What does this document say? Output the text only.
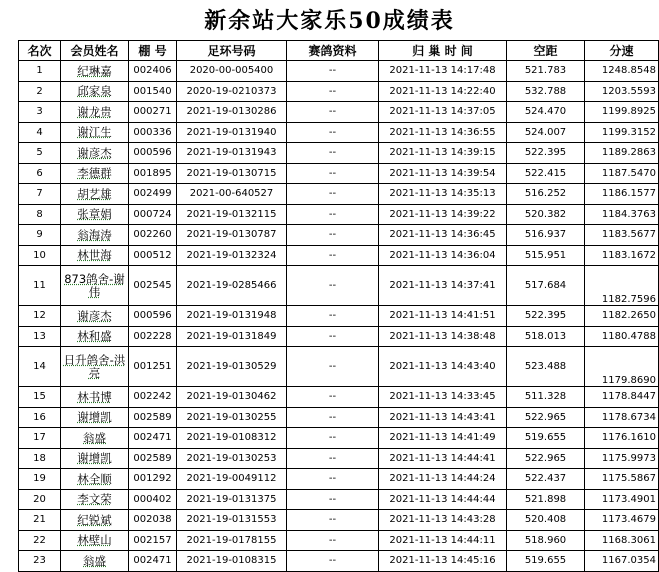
新余站大家乐50成绩表
名次	会员姓名	棚 号	足环号码	赛鸽资料	归 巢 时 间	空距	分速
1	纪琳嘉	002406	2020-00-005400	--	2021-11-13 14:17:48	521.783	1248.8548
2	邱家泉	001540	2020-19-0210373	--	2021-11-13 14:22:40	532.788	1203.5593
3	谢龙贵	000271	2021-19-0130286	--	2021-11-13 14:37:05	524.470	1199.8925
4	谢江生	000336	2021-19-0131940	--	2021-11-13 14:36:55	524.007	1199.3152
5	谢彦杰	000596	2021-19-0131943	--	2021-11-13 14:39:15	522.395	1189.2863
6	李德群	001895	2021-19-0130715	--	2021-11-13 14:39:54	522.415	1187.5470
7	胡艺雄	002499	2021-00-640527	--	2021-11-13 14:35:13	516.252	1186.1577
8	张章娟	000724	2021-19-0132115	--	2021-11-13 14:39:22	520.382	1184.3763
9	翁海涛	002260	2021-19-0130787	--	2021-11-13 14:36:45	516.937	1183.5677
10	林世海	000512	2021-19-0132324	--	2021-11-13 14:36:04	515.951	1183.1672
11	873鸽舍-谢伟	002545	2021-19-0285466	--	2021-11-13 14:37:41	517.684	1182.7596
12	谢彦杰	000596	2021-19-0131948	--	2021-11-13 14:41:51	522.395	1182.2650
13	林和盛	002228	2021-19-0131849	--	2021-11-13 14:38:48	518.013	1180.4788
14	日升鸽舍-洪亮	001251	2021-19-0130529	--	2021-11-13 14:43:40	523.488	1179.8690
15	林书博	002242	2021-19-0130462	--	2021-11-13 14:33:45	511.328	1178.8447
16	谢增凯	002589	2021-19-0130255	--	2021-11-13 14:43:41	522.965	1178.6734
17	翁盛	002471	2021-19-0108312	--	2021-11-13 14:41:49	519.655	1176.1610
18	谢增凯	002589	2021-19-0130253	--	2021-11-13 14:44:41	522.965	1175.9973
19	林全顺	001292	2021-19-0049112	--	2021-11-13 14:44:24	522.437	1175.5867
20	李文荣	000402	2021-19-0131375	--	2021-11-13 14:44:44	521.898	1173.4901
21	纪锐斌	002038	2021-19-0131553	--	2021-11-13 14:43:28	520.408	1173.4679
22	林壁山	002157	2021-19-0178155	--	2021-11-13 14:44:11	518.960	1168.3061
23	翁盛	002471	2021-19-0108315	--	2021-11-13 14:45:16	519.655	1167.0354
